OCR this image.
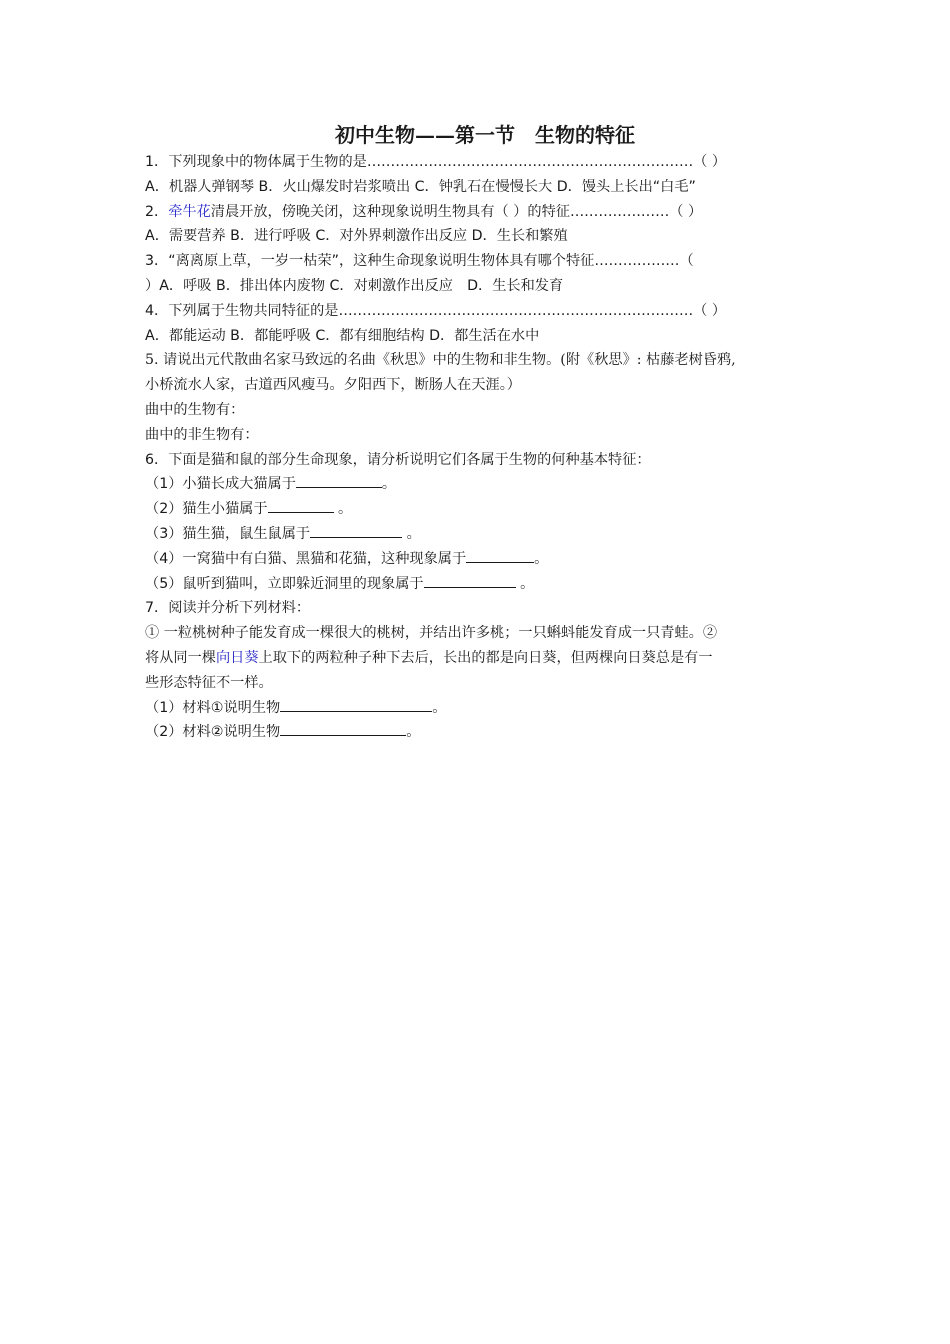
初中生物——第一节　生物的特征
1．下列现象中的物体属于生物的是……………………………………………………………（ ）
A．机器人弹钢琴 B．火山爆发时岩浆喷出 C．钟乳石在慢慢长大 D．馒头上长出“白毛”
2．牵牛花清晨开放，傍晚关闭，这种现象说明生物具有（ ）的特征…………………（ ）
A．需要营养 B．进行呼吸 C．对外界刺激作出反应 D．生长和繁殖
3．“离离原上草，一岁一枯荣”，这种生命现象说明生物体具有哪个特征………………（
）A．呼吸 B．排出体内废物 C．对刺激作出反应　D．生长和发育
4．下列属于生物共同特征的是…………………………………………………………………（ ）
A．都能运动 B．都能呼吸 C．都有细胞结构 D．都生活在水中
5. 请说出元代散曲名家马致远的名曲《秋思》中的生物和非生物。(附《秋思》: 枯藤老树昏鸦,
小桥流水人家，古道西风瘦马。夕阳西下，断肠人在天涯。）
曲中的生物有：
曲中的非生物有：
6．下面是猫和鼠的部分生命现象，请分析说明它们各属于生物的何种基本特征：
（1）小猫长成大猫属于	。
（2）猫生小猫属于	。
（3）猫生猫，鼠生鼠属于	。
（4）一窝猫中有白猫、黑猫和花猫，这种现象属于	。
（5）鼠听到猫叫，立即躲近洞里的现象属于	。
7．阅读并分析下列材料：
① 一粒桃树种子能发育成一棵很大的桃树，并结出许多桃；一只蝌蚪能发育成一只青蛙。②
将从同一棵向日葵上取下的两粒种子种下去后，长出的都是向日葵，但两棵向日葵总是有一
些形态特征不一样。
（1）材料①说明生物	。
（2）材料②说明生物	。
